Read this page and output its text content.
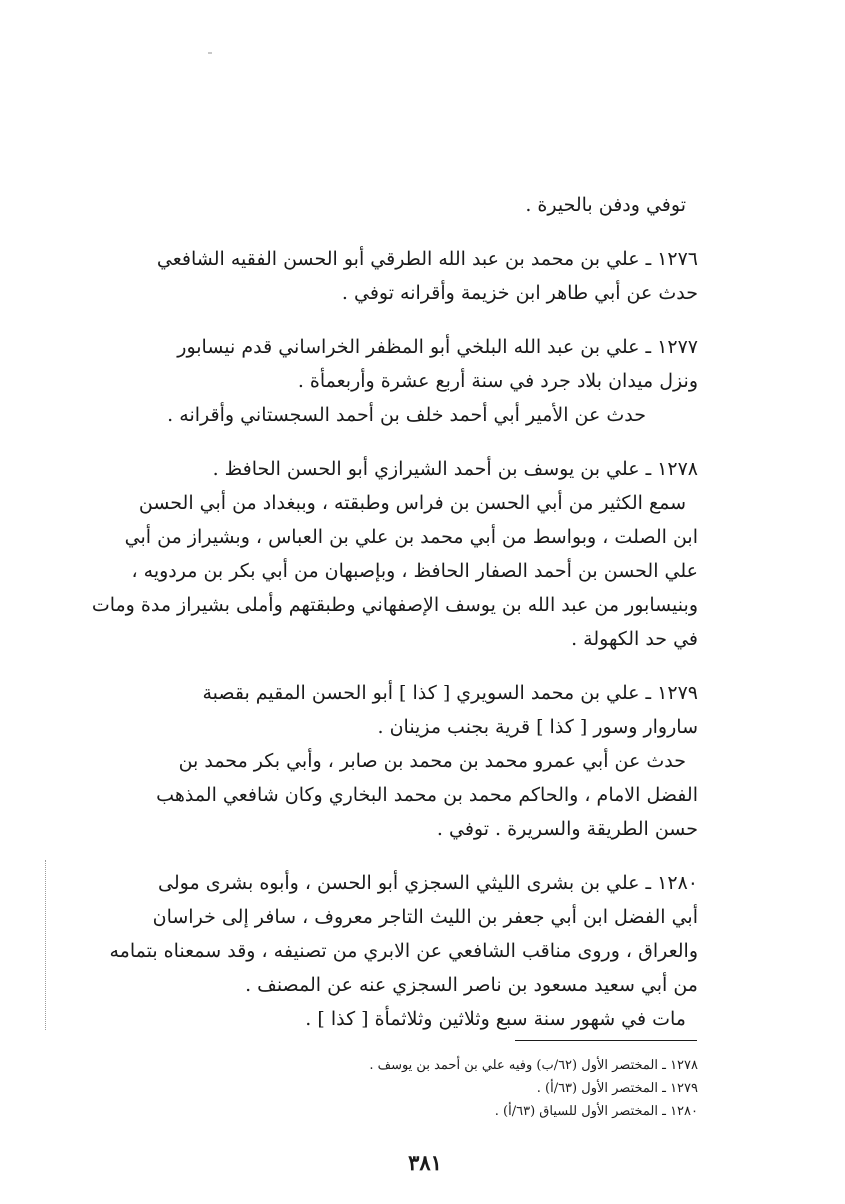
توفي ودفن بالحيرة .
١٢٧٦ ـ علي بن محمد بن عبد الله الطرقي أبو الحسن الفقيه الشافعي
حدث عن أبي طاهر ابن خزيمة وأقرانه توفي .
١٢٧٧ ـ علي بن عبد الله البلخي أبو المظفر الخراساني قدم نيسابور
ونزل ميدان بلاد جرد في سنة أربع عشرة وأربعمأة .
حدث عن الأمير أبي أحمد خلف بن أحمد السجستاني وأقرانه .
١٢٧٨ ـ علي بن يوسف بن أحمد الشيرازي أبو الحسن الحافظ .
سمع الكثير من أبي الحسن بن فراس وطبقته ، وببغداد من أبي الحسن
ابن الصلت ، وبواسط من أبي محمد بن علي بن العباس ، وبشيراز من أبي
علي الحسن بن أحمد الصفار الحافظ ، وبإصبهان من أبي بكر بن مردويه ،
وبنيسابور من عبد الله بن يوسف الإصفهاني وطبقتهم وأملى بشيراز مدة ومات
في حد الكهولة .
١٢٧٩ ـ علي بن محمد السويري [ كذا ] أبو الحسن المقيم بقصبة
ساروار وسور [ كذا ] قرية بجنب مزينان .
حدث عن أبي عمرو محمد بن محمد بن صابر ، وأبي بكر محمد بن
الفضل الامام ، والحاكم محمد بن محمد البخاري وكان شافعي المذهب
حسن الطريقة والسريرة . توفي .
١٢٨٠ ـ علي بن بشرى الليثي السجزي أبو الحسن ، وأبوه بشرى مولى
أبي الفضل ابن أبي جعفر بن الليث التاجر معروف ، سافر إلى خراسان
والعراق ، وروى مناقب الشافعي عن الابري من تصنيفه ، وقد سمعناه بتمامه
من أبي سعيد مسعود بن ناصر السجزي عنه عن المصنف .
مات في شهور سنة سبع وثلاثين وثلاثمأة [ كذا ] .
١٢٧٨ ـ المختصر الأول (٦٢/ب) وفيه علي بن أحمد بن يوسف .
١٢٧٩ ـ المختصر الأول (٦٣/أ) .
١٢٨٠ ـ المختصر الأول للسياق (٦٣/أ) .
٣٨١
